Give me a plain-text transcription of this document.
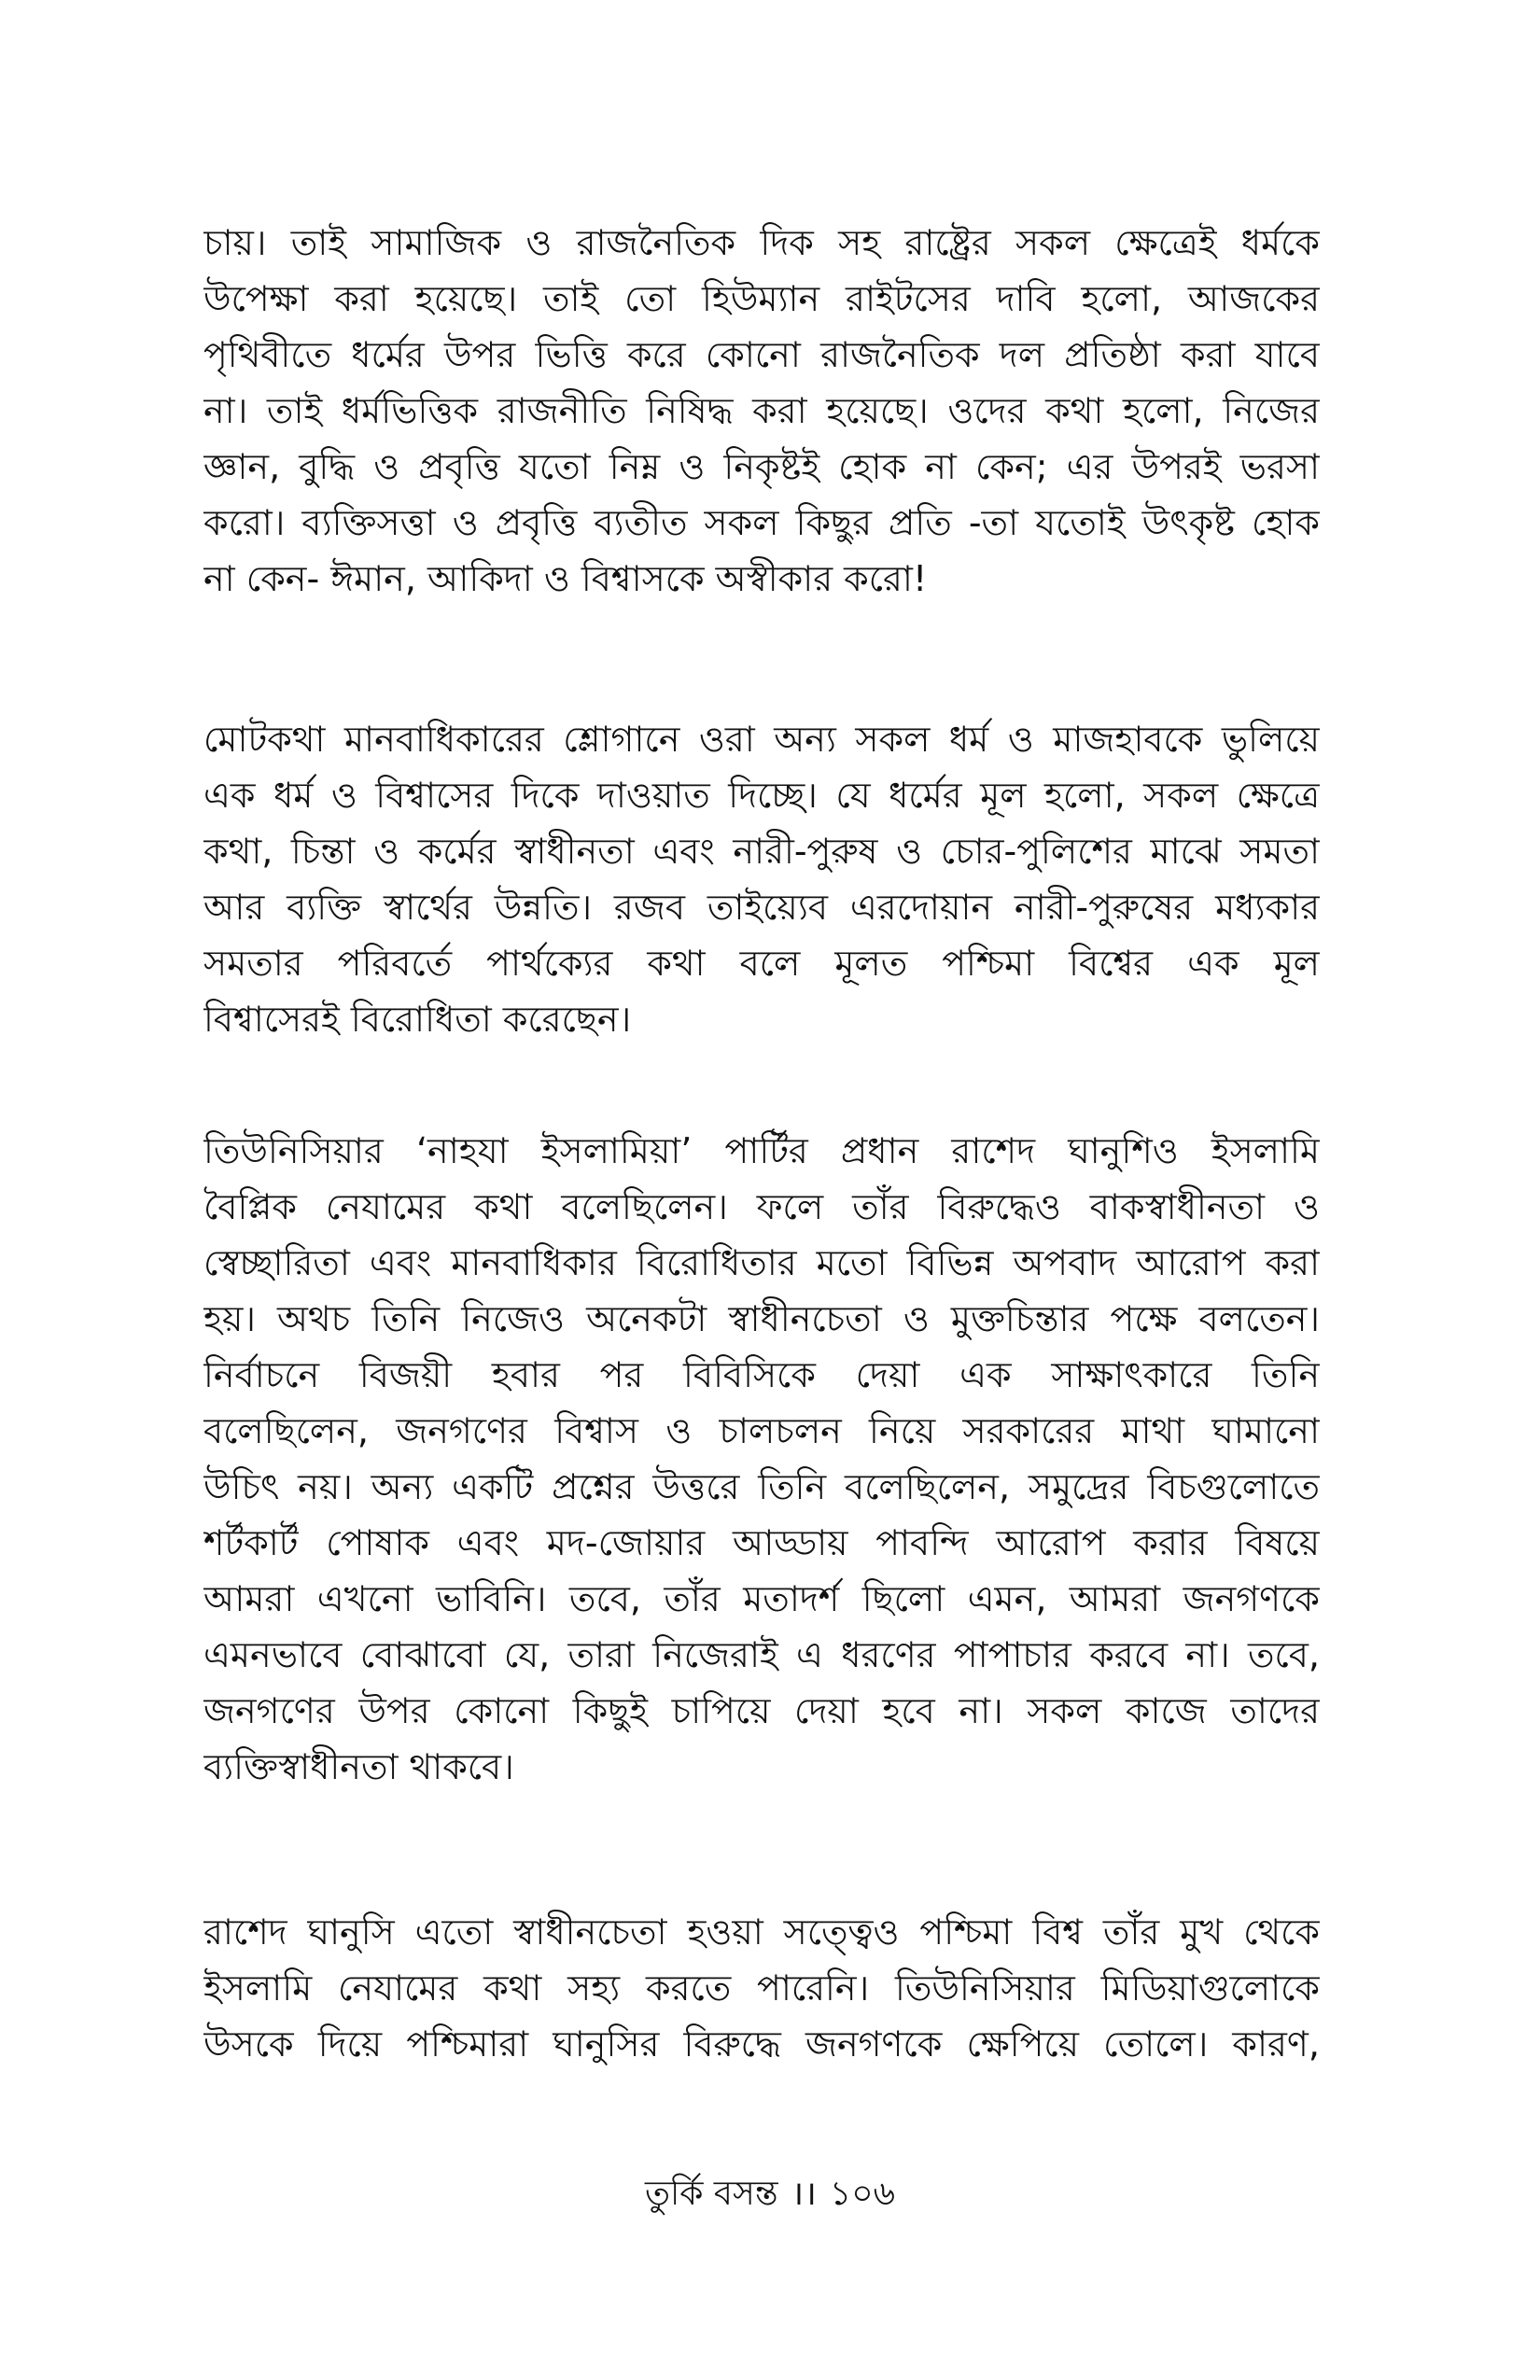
চায়। তাই সামাজিক ও রাজনৈতিক দিক সহ রাষ্ট্রের সকল ক্ষেত্রেই ধর্মকে
উপেক্ষা করা হয়েছে। তাই তো হিউম্যান রাইটসের দাবি হলো, আজকের
পৃথিবীতে ধর্মের উপর ভিত্তি করে কোনো রাজনৈতিক দল প্রতিষ্ঠা করা যাবে
না। তাই ধর্মভিত্তিক রাজনীতি নিষিদ্ধ করা হয়েছে। ওদের কথা হলো, নিজের
জ্ঞান, বুদ্ধি ও প্রবৃত্তি যতো নিম্ন ও নিকৃষ্টই হোক না কেন; এর উপরই ভরসা
করো। ব্যক্তিসত্তা ও প্রবৃত্তি ব্যতীত সকল কিছুর প্রতি -তা যতোই উৎকৃষ্ট হোক
না কেন- ঈমান, আকিদা ও বিশ্বাসকে অস্বীকার করো!
মোটকথা মানবাধিকারের শ্লোগানে ওরা অন্য সকল ধর্ম ও মাজহাবকে ভুলিয়ে
এক ধর্ম ও বিশ্বাসের দিকে দাওয়াত দিচ্ছে। যে ধর্মের মূল হলো, সকল ক্ষেত্রে
কথা, চিন্তা ও কর্মের স্বাধীনতা এবং নারী-পুরুষ ও চোর-পুলিশের মাঝে সমতা
আর ব্যক্তি স্বার্থের উন্নতি। রজব তাইয়্যেব এরদোয়ান নারী-পুরুষের মধ্যকার
সমতার পরিবর্তে পার্থক্যের কথা বলে মূলত পশ্চিমা বিশ্বের এক মূল
বিশ্বাসেরই বিরোধিতা করেছেন।
তিউনিসিয়ার ‘নাহযা ইসলামিয়া’ পার্টির প্রধান রাশেদ ঘানুশিও ইসলামি
বৈপ্লিক নেযামের কথা বলেছিলেন। ফলে তাঁর বিরুদ্ধেও বাকস্বাধীনতা ও
স্বেচ্ছারিতা এবং মানবাধিকার বিরোধিতার মতো বিভিন্ন অপবাদ আরোপ করা
হয়। অথচ তিনি নিজেও অনেকটা স্বাধীনচেতা ও মুক্তচিন্তার পক্ষে বলতেন।
নির্বাচনে বিজয়ী হবার পর বিবিসিকে দেয়া এক সাক্ষাৎকারে তিনি
বলেছিলেন, জনগণের বিশ্বাস ও চালচলন নিয়ে সরকারের মাথা ঘামানো
উচিৎ নয়। অন্য একটি প্রশ্নের উত্তরে তিনি বলেছিলেন, সমুদ্রের বিচগুলোতে
শর্টকার্ট পোষাক এবং মদ-জোয়ার আড্ডায় পাবন্দি আরোপ করার বিষয়ে
আমরা এখনো ভাবিনি। তবে, তাঁর মতাদর্শ ছিলো এমন, আমরা জনগণকে
এমনভাবে বোঝাবো যে, তারা নিজেরাই এ ধরণের পাপাচার করবে না। তবে,
জনগণের উপর কোনো কিছুই চাপিয়ে দেয়া হবে না। সকল কাজে তাদের
ব্যক্তিস্বাধীনতা থাকবে।
রাশেদ ঘানুসি এতো স্বাধীনচেতা হওয়া সত্ত্বেও পশ্চিমা বিশ্ব তাঁর মুখ থেকে
ইসলামি নেযামের কথা সহ্য করতে পারেনি। তিউনিসিয়ার মিডিয়াগুলোকে
উসকে দিয়ে পশ্চিমারা ঘানুসির বিরুদ্ধে জনগণকে ক্ষেপিয়ে তোলে। কারণ,
তুর্কি বসন্ত ।। ১০৬
